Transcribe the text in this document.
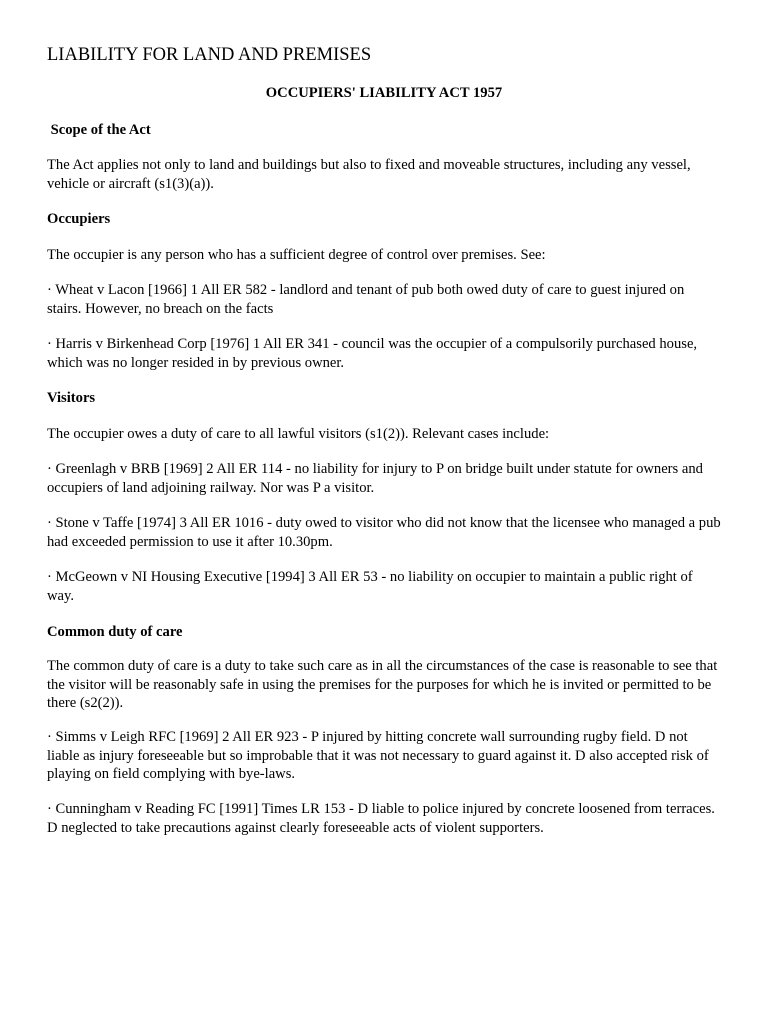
LIABILITY FOR LAND AND PREMISES
OCCUPIERS' LIABILITY ACT 1957
Scope of the Act
The Act applies not only to land and buildings but also to fixed and moveable structures, including any vessel, vehicle or aircraft (s1(3)(a)).
Occupiers
The occupier is any person who has a sufficient degree of control over premises. See:
· Wheat v Lacon [1966] 1 All ER 582 - landlord and tenant of pub both owed duty of care to guest injured on stairs. However, no breach on the facts
· Harris v Birkenhead Corp [1976] 1 All ER 341 - council was the occupier of a compulsorily purchased house, which was no longer resided in by previous owner.
Visitors
The occupier owes a duty of care to all lawful visitors (s1(2)). Relevant cases include:
· Greenlagh v BRB [1969] 2 All ER 114 - no liability for injury to P on bridge built under statute for owners and occupiers of land adjoining railway. Nor was P a visitor.
· Stone v Taffe [1974] 3 All ER 1016 - duty owed to visitor who did not know that the licensee who managed a pub had exceeded permission to use it after 10.30pm.
· McGeown v NI Housing Executive [1994] 3 All ER 53 - no liability on occupier to maintain a public right of way.
Common duty of care
The common duty of care is a duty to take such care as in all the circumstances of the case is reasonable to see that the visitor will be reasonably safe in using the premises for the purposes for which he is invited or permitted to be there (s2(2)).
· Simms v Leigh RFC [1969] 2 All ER 923 - P injured by hitting concrete wall surrounding rugby field. D not liable as injury foreseeable but so improbable that it was not necessary to guard against it. D also accepted risk of playing on field complying with bye-laws.
· Cunningham v Reading FC [1991] Times LR 153 - D liable to police injured by concrete loosened from terraces. D neglected to take precautions against clearly foreseeable acts of violent supporters.
